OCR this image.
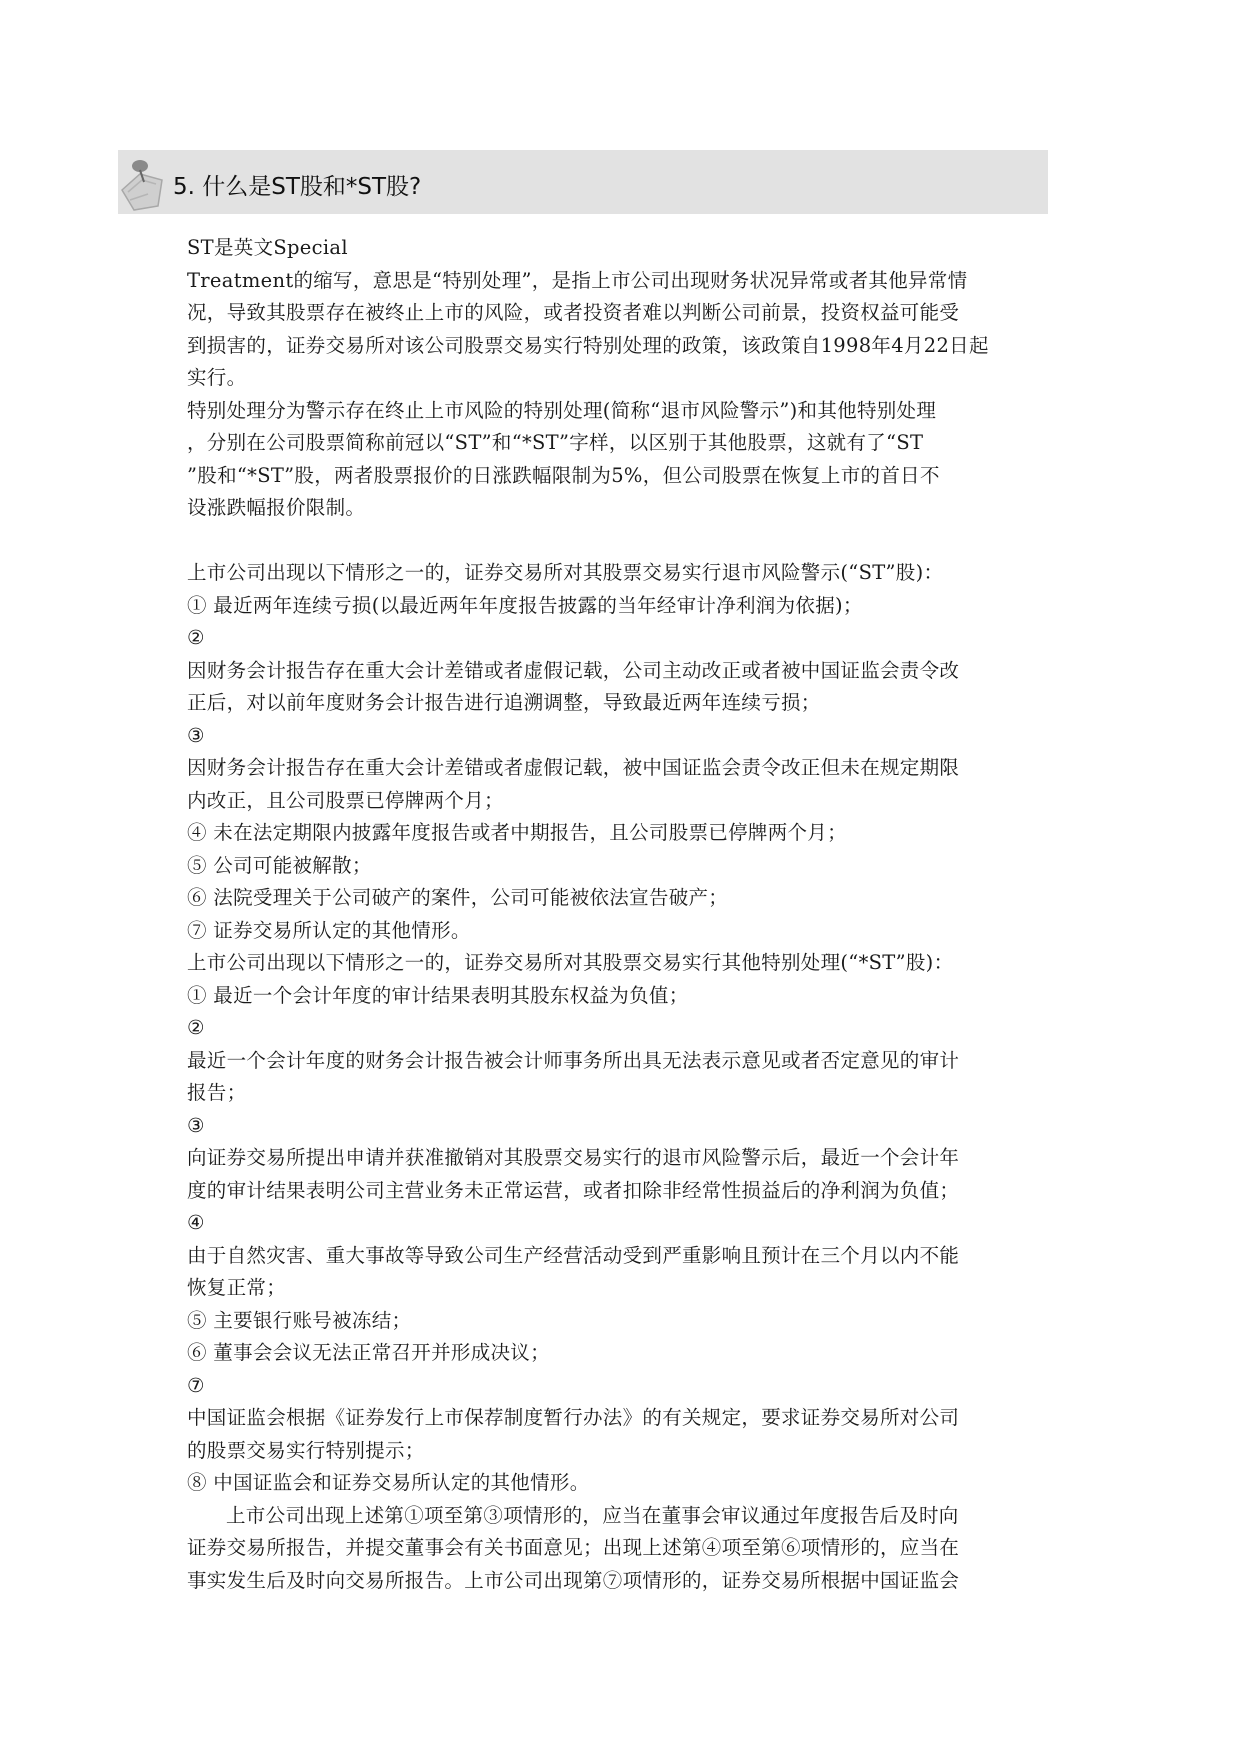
5. 什么是ST股和*ST股?

ST是英文Special

Treatment的缩写，意思是“特别处理”，是指上市公司出现财务状况异常或者其他异常情

况，导致其股票存在被终止上市的风险，或者投资者难以判断公司前景，投资权益可能受

到损害的，证券交易所对该公司股票交易实行特别处理的政策，该政策自1998年4月22日起

实行。

特别处理分为警示存在终止上市风险的特别处理(简称“退市风险警示”)和其他特别处理

，分别在公司股票简称前冠以“ST”和“*ST”字样，以区别于其他股票，这就有了“ST

”股和“*ST”股，两者股票报价的日涨跌幅限制为5%，但公司股票在恢复上市的首日不

设涨跌幅报价限制。

上市公司出现以下情形之一的，证券交易所对其股票交易实行退市风险警示(“ST”股)：

① 最近两年连续亏损(以最近两年年度报告披露的当年经审计净利润为依据)；

②

因财务会计报告存在重大会计差错或者虚假记载，公司主动改正或者被中国证监会责令改

正后，对以前年度财务会计报告进行追溯调整，导致最近两年连续亏损；

③

因财务会计报告存在重大会计差错或者虚假记载，被中国证监会责令改正但未在规定期限

内改正，且公司股票已停牌两个月；

④ 未在法定期限内披露年度报告或者中期报告，且公司股票已停牌两个月；

⑤ 公司可能被解散；

⑥ 法院受理关于公司破产的案件，公司可能被依法宣告破产；

⑦ 证券交易所认定的其他情形。

上市公司出现以下情形之一的，证券交易所对其股票交易实行其他特别处理(“*ST”股)：

① 最近一个会计年度的审计结果表明其股东权益为负值；

②

最近一个会计年度的财务会计报告被会计师事务所出具无法表示意见或者否定意见的审计

报告；

③

向证券交易所提出申请并获准撤销对其股票交易实行的退市风险警示后，最近一个会计年

度的审计结果表明公司主营业务未正常运营，或者扣除非经常性损益后的净利润为负值；

④

由于自然灾害、重大事故等导致公司生产经营活动受到严重影响且预计在三个月以内不能

恢复正常；

⑤ 主要银行账号被冻结；

⑥ 董事会会议无法正常召开并形成决议；

⑦

中国证监会根据《证券发行上市保荐制度暂行办法》的有关规定，要求证券交易所对公司

的股票交易实行特别提示；

⑧ 中国证监会和证券交易所认定的其他情形。

上市公司出现上述第①项至第③项情形的，应当在董事会审议通过年度报告后及时向

证券交易所报告，并提交董事会有关书面意见；出现上述第④项至第⑥项情形的，应当在

事实发生后及时向交易所报告。上市公司出现第⑦项情形的，证券交易所根据中国证监会
